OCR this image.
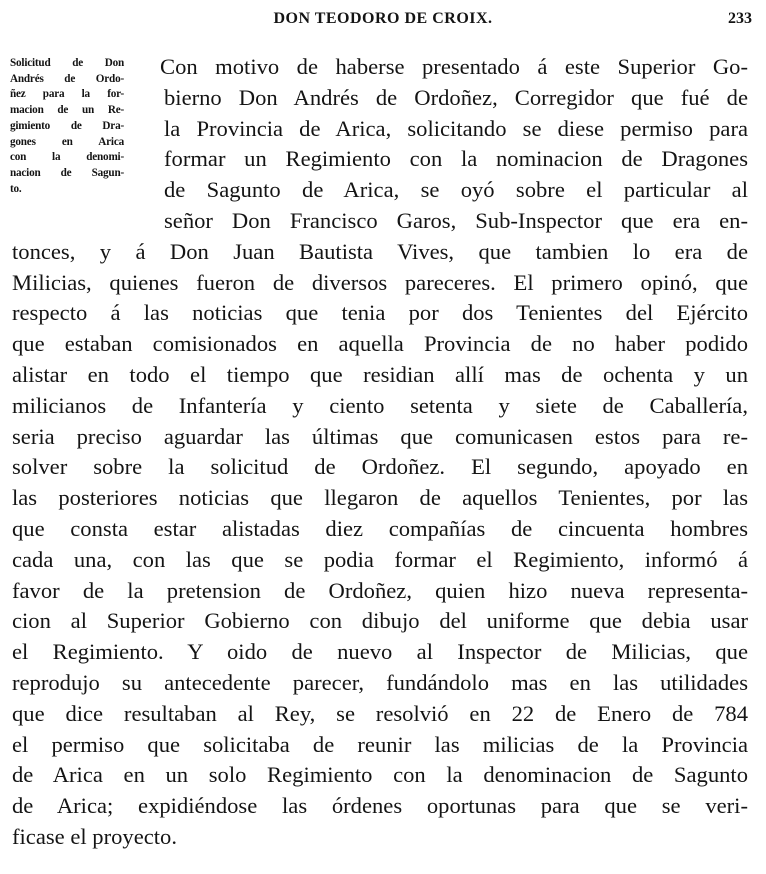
DON TEODORO DE CROIX.	233
Solicitud de Don
Andrés de Ordo-
ñez para la for-
macion de un Re-
gimiento de Dra-
gones en Arica
con la denomi-
nacion de Sagun-
to.
Con motivo de haberse presentado á este Superior Go-
bierno Don Andrés de Ordoñez, Corregidor que fué de
la Provincia de Arica, solicitando se diese permiso para
formar un Regimiento con la nominacion de Dragones
de Sagunto de Arica, se oyó sobre el particular al
señor Don Francisco Garos, Sub-Inspector que era en-
tonces, y á Don Juan Bautista Vives, que tambien lo era de
Milicias, quienes fueron de diversos pareceres. El primero opinó, que
respecto á las noticias que tenia por dos Tenientes del Ejército
que estaban comisionados en aquella Provincia de no haber podido
alistar en todo el tiempo que residian allí mas de ochenta y un
milicianos de Infantería y ciento setenta y siete de Caballería,
seria preciso aguardar las últimas que comunicasen estos para re-
solver sobre la solicitud de Ordoñez. El segundo, apoyado en
las posteriores noticias que llegaron de aquellos Tenientes, por las
que consta estar alistadas diez compañías de cincuenta hombres
cada una, con las que se podia formar el Regimiento, informó á
favor de la pretension de Ordoñez, quien hizo nueva representa-
cion al Superior Gobierno con dibujo del uniforme que debia usar
el Regimiento. Y oido de nuevo al Inspector de Milicias, que
reprodujo su antecedente parecer, fundándolo mas en las utilidades
que dice resultaban al Rey, se resolvió en 22 de Enero de 784
el permiso que solicitaba de reunir las milicias de la Provincia
de Arica en un solo Regimiento con la denominacion de Sagunto
de Arica; expidiéndose las órdenes oportunas para que se veri-
ficase el proyecto.
